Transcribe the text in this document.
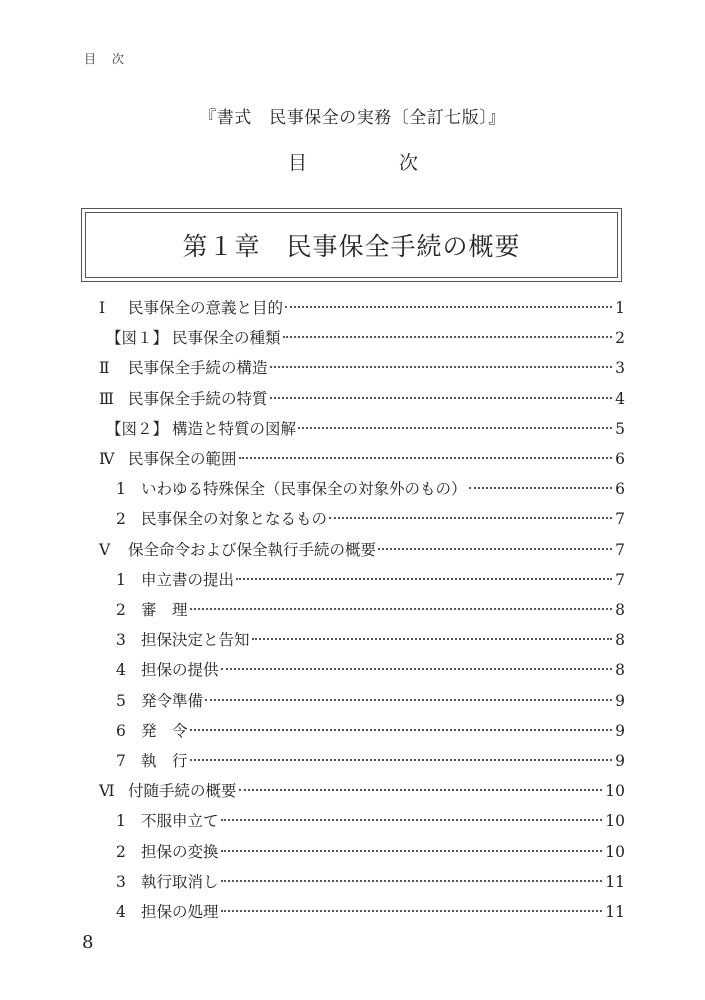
目 次
『書式　民事保全の実務〔全訂七版〕』
目	次
第１章 民事保全手続の概要
Ⅰ 民事保全の意義と目的	1
【図１】 民事保全の種類	2
Ⅱ 民事保全手続の構造	3
Ⅲ 民事保全手続の特質	4
【図２】 構造と特質の図解	5
Ⅳ 民事保全の範囲	6
1 いわゆる特殊保全（民事保全の対象外のもの）	6
2 民事保全の対象となるもの	7
Ⅴ 保全命令および保全執行手続の概要	7
1 申立書の提出	7
2 審　理	8
3 担保決定と告知	8
4 担保の提供	8
5 発令準備	9
6 発　令	9
7 執　行	9
Ⅵ 付随手続の概要	10
1 不服申立て	10
2 担保の変換	10
3 執行取消し	11
4 担保の処理	11
8
